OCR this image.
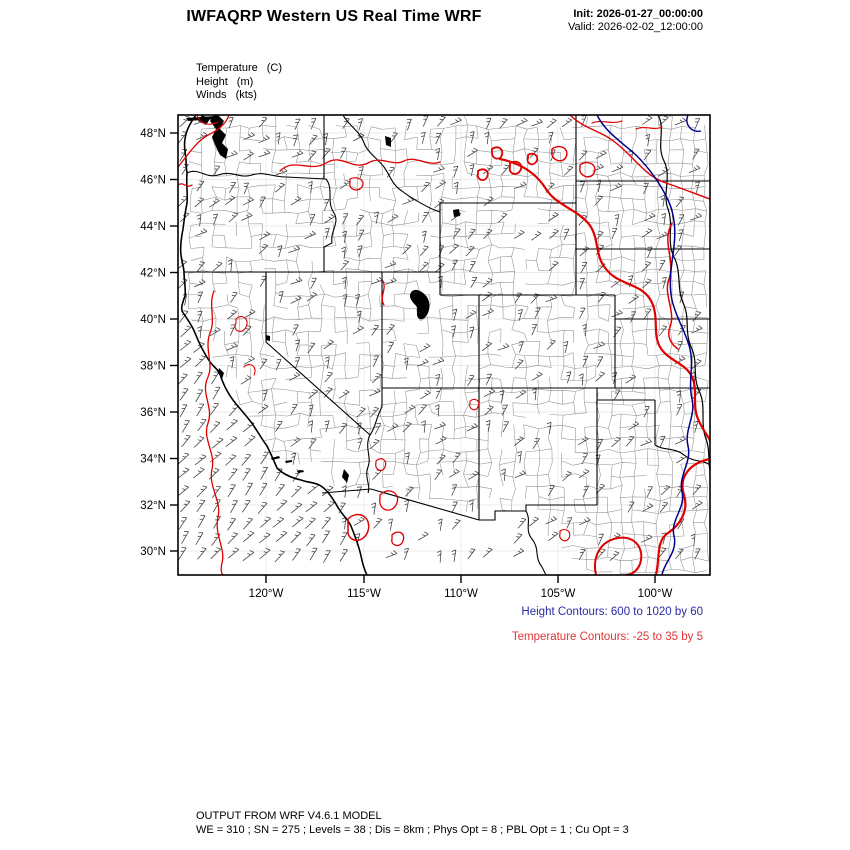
IWFAQRP Western US Real Time WRF	Init: 2026-01-27_00:00:00
Valid: 2026-02-02_12:00:00
Temperature (C)
Height (m)
Winds (kts)
48°N
46°N
44°N
42°N
40°N
38°N
36°N
34°N
32°N
30°N
120°W	115°W	110°W	105°W	100°W
Height Contours: 600 to 1020 by 60
Temperature Contours: -25 to 35 by 5
OUTPUT FROM WRF V4.6.1 MODEL
WE = 310 ; SN = 275 ; Levels = 38 ; Dis = 8km ; Phys Opt = 8 ; PBL Opt = 1 ; Cu Opt = 3
